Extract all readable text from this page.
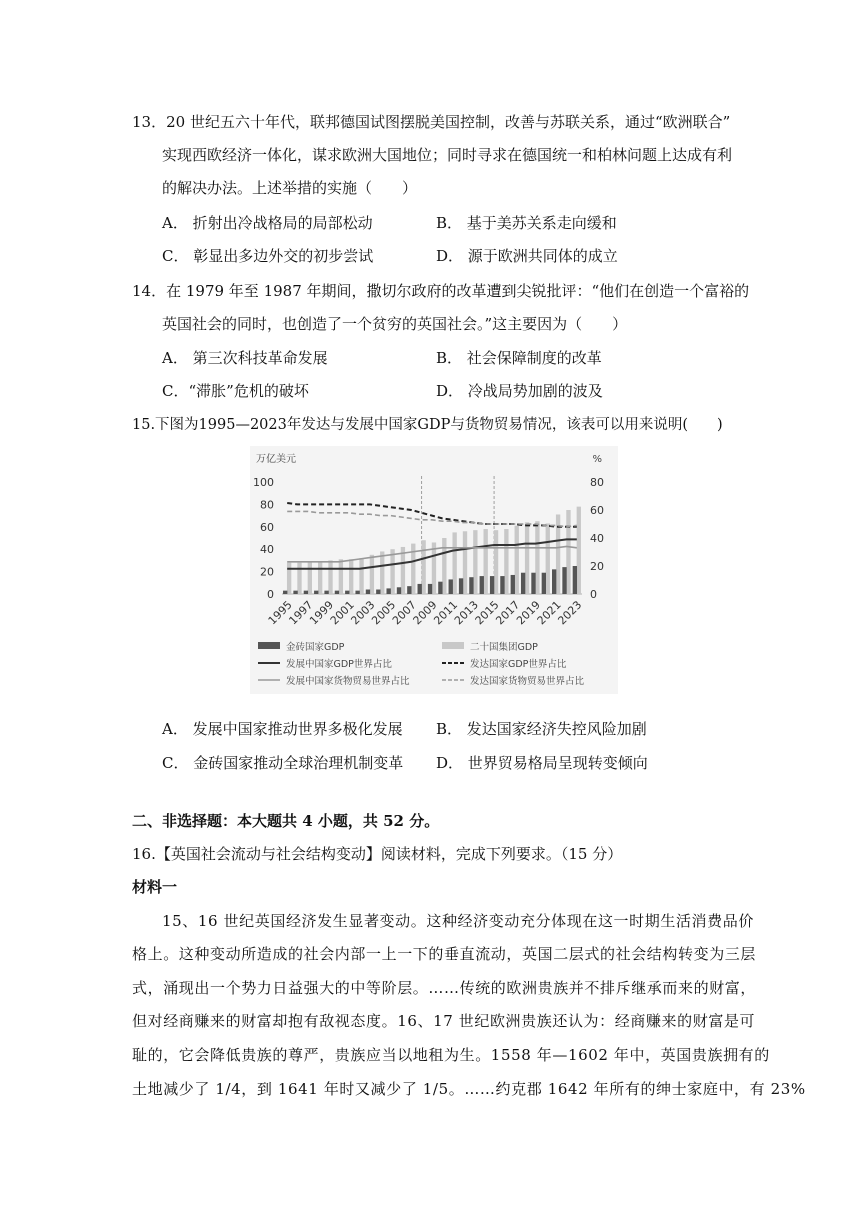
13．20 世纪五六十年代，联邦德国试图摆脱美国控制，改善与苏联关系，通过“欧洲联合”
实现西欧经济一体化，谋求欧洲大国地位；同时寻求在德国统一和柏林问题上达成有利
的解决办法。上述举措的实施（　　）
A． 折射出冷战格局的局部松动	B． 基于美苏关系走向缓和
C． 彰显出多边外交的初步尝试	D． 源于欧洲共同体的成立
14．在 1979 年至 1987 年期间，撒切尔政府的改革遭到尖锐批评：“他们在创造一个富裕的
英国社会的同时，也创造了一个贫穷的英国社会。”这主要因为（　　）
A． 第三次科技革命发展	B． 社会保障制度的改革
C．“滞胀”危机的破坏	D． 冷战局势加剧的波及
15.下图为1995—2023年发达与发展中国家GDP与货物贸易情况，该表可以用来说明(　　)
万亿美元	%
0
20
40
60
80
100
0
20
40
60
80
1995
1997
1999
2001
2003
2005
2007
2009
2011
2013
2015
2017
2019
2021
2023
金砖国家GDP	二十国集团GDP
发展中国家GDP世界占比	发达国家GDP世界占比
发展中国家货物贸易世界占比	发达国家货物贸易世界占比
A． 发展中国家推动世界多极化发展 B． 发达国家经济失控风险加剧
C． 金砖国家推动全球治理机制变革 D． 世界贸易格局呈现转变倾向
二、非选择题：本大题共 4 小题，共 52 分。
16.【英国社会流动与社会结构变动】阅读材料，完成下列要求。（15 分）
材料一
15、16 世纪英国经济发生显著变动。这种经济变动充分体现在这一时期生活消费品价
格上。这种变动所造成的社会内部一上一下的垂直流动，英国二层式的社会结构转变为三层
式，涌现出一个势力日益强大的中等阶层。……传统的欧洲贵族并不排斥继承而来的财富，
但对经商赚来的财富却抱有敌视态度。16、17 世纪欧洲贵族还认为：经商赚来的财富是可
耻的，它会降低贵族的尊严，贵族应当以地租为生。1558 年—1602 年中，英国贵族拥有的
土地减少了 1/4，到 1641 年时又减少了 1/5。……约克郡 1642 年所有的绅士家庭中，有 23%
